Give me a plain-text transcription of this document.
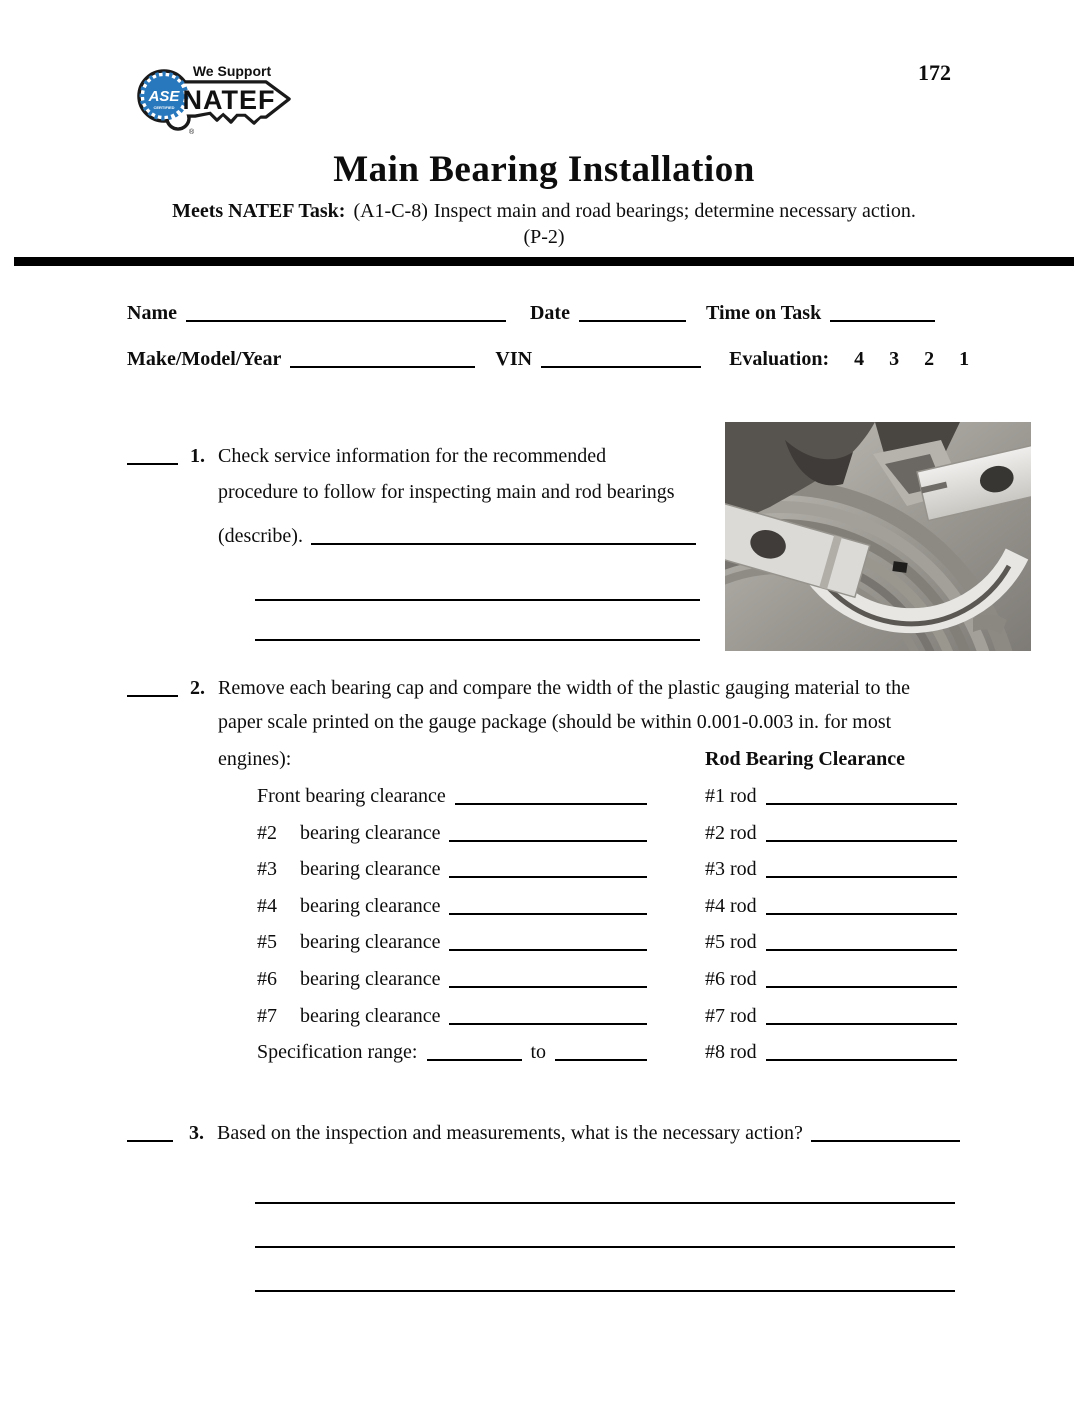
172
ASE
CERTIFIED
We Support
NATEF
®
Main Bearing Installation
Meets NATEF Task: (A1-C-8) Inspect main and road bearings; determine necessary action.
(P-2)
Name	Date	Time on Task
Make/Model/Year	VIN	Evaluation: 4 3 2 1
1. Check service information for the recommended
procedure to follow for inspecting main and rod bearings
(describe).
2. Remove each bearing cap and compare the width of the plastic gauging material to the
paper scale printed on the gauge package (should be within 0.001-0.003 in. for most
engines):	Rod Bearing Clearance
Front bearing clearance	#1 rod
#2	bearing clearance	#2 rod
#3	bearing clearance	#3 rod
#4	bearing clearance	#4 rod
#5	bearing clearance	#5 rod
#6	bearing clearance	#6 rod
#7	bearing clearance	#7 rod
Specification range:	to	#8 rod
3. Based on the inspection and measurements, what is the necessary action?
